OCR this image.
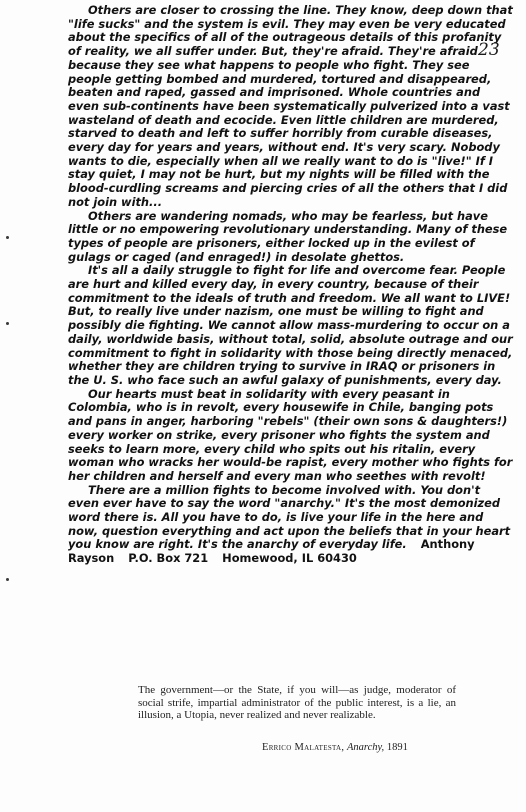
23

Others are closer to crossing the line. They know, deep down that "life sucks" and the system is evil. They may even be very educated about the specifics of all of the outrageous details of this profanity of reality, we all suffer under. But, they're afraid. They're afraid because they see what happens to people who fight. They see people getting bombed and murdered, tortured and disappeared, beaten and raped, gassed and imprisoned. Whole countries and even sub-continents have been systematically pulverized into a vast wasteland of death and ecocide. Even little children are murdered, starved to death and left to suffer horribly from curable diseases, every day for years and years, without end. It's very scary. Nobody wants to die, especially when all we really want to do is "live!" If I stay quiet, I may not be hurt, but my nights will be filled with the blood-curdling screams and piercing cries of all the others that I did not join with...

Others are wandering nomads, who may be fearless, but have little or no empowering revolutionary understanding. Many of these types of people are prisoners, either locked up in the evilest of gulags or caged (and enraged!) in desolate ghettos.

It's all a daily struggle to fight for life and overcome fear. People are hurt and killed every day, in every country, because of their commitment to the ideals of truth and freedom. We all want to LIVE! But, to really live under nazism, one must be willing to fight and possibly die fighting. We cannot allow mass-murdering to occur on a daily, worldwide basis, without total, solid, absolute outrage and our commitment to fight in solidarity with those being directly menaced, whether they are children trying to survive in IRAQ or prisoners in the U. S. who face such an awful galaxy of punishments, every day.

Our hearts must beat in solidarity with every peasant in Colombia, who is in revolt, every housewife in Chile, banging pots and pans in anger, harboring "rebels" (their own sons & daughters!) every worker on strike, every prisoner who fights the system and seeks to learn more, every child who spits out his ritalin, every woman who wracks her would-be rapist, every mother who fights for her children and herself and every man who seethes with revolt!

There are a million fights to become involved with. You don't even ever have to say the word "anarchy." It's the most demonized word there is. All you have to do, is live your life in the here and now, question everything and act upon the beliefs that in your heart you know are right. It's the anarchy of everyday life. Anthony Rayson P.O. Box 721 Homewood, IL 60430

The government—or the State, if you will—as judge, moderator of social strife, impartial administrator of the public interest, is a lie, an illusion, a Utopia, never realized and never realizable.

Errico Malatesta, Anarchy, 1891
